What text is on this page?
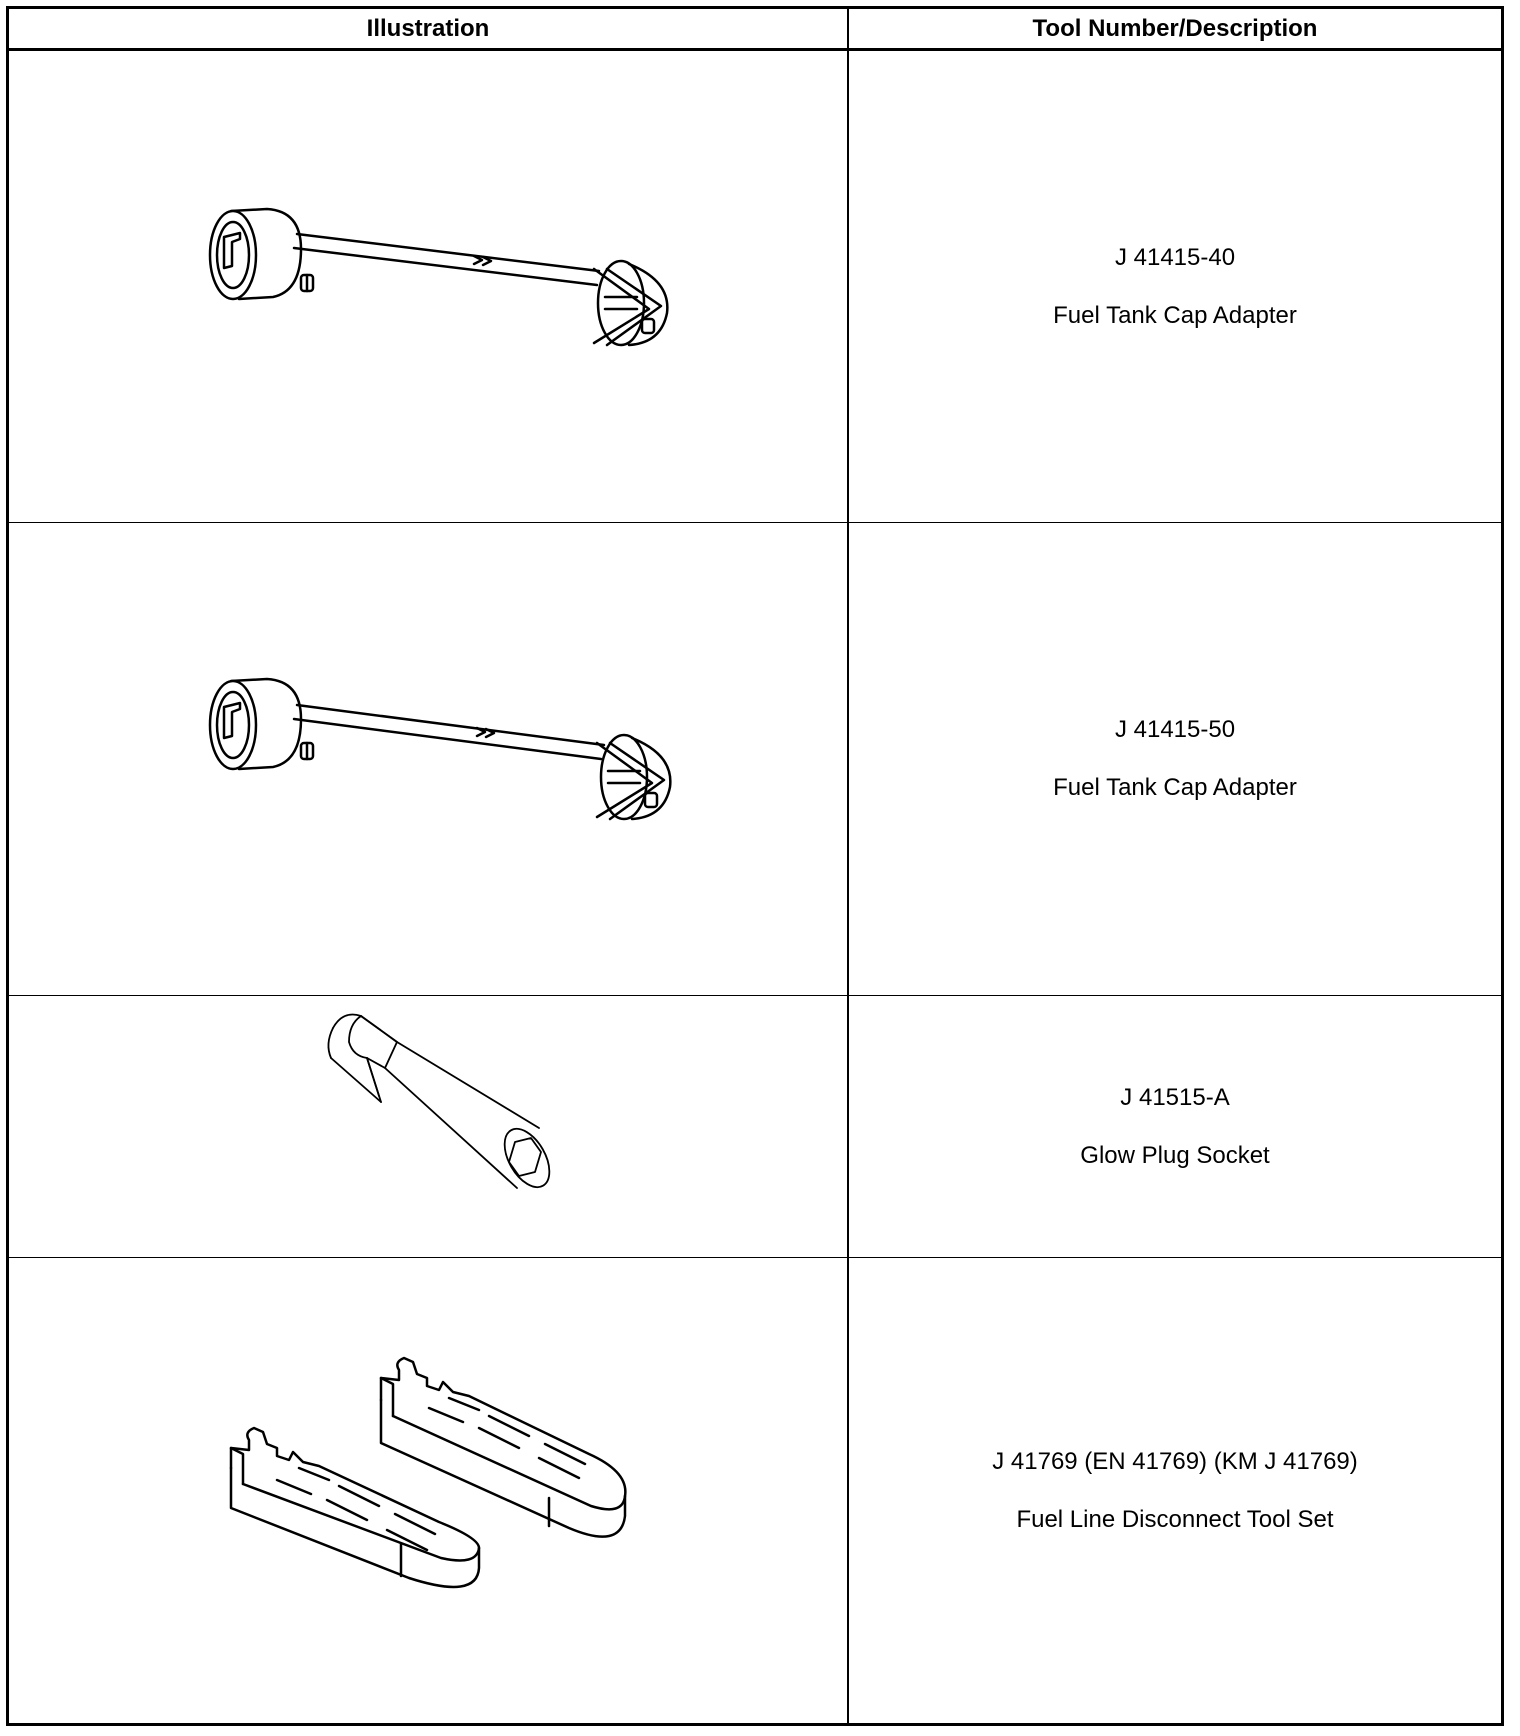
Illustration	Tool Number/Description
J 41415-40
Fuel Tank Cap Adapter
J 41415-50
Fuel Tank Cap Adapter
J 41515-A
Glow Plug Socket
J 41769 (EN 41769) (KM J 41769)
Fuel Line Disconnect Tool Set
